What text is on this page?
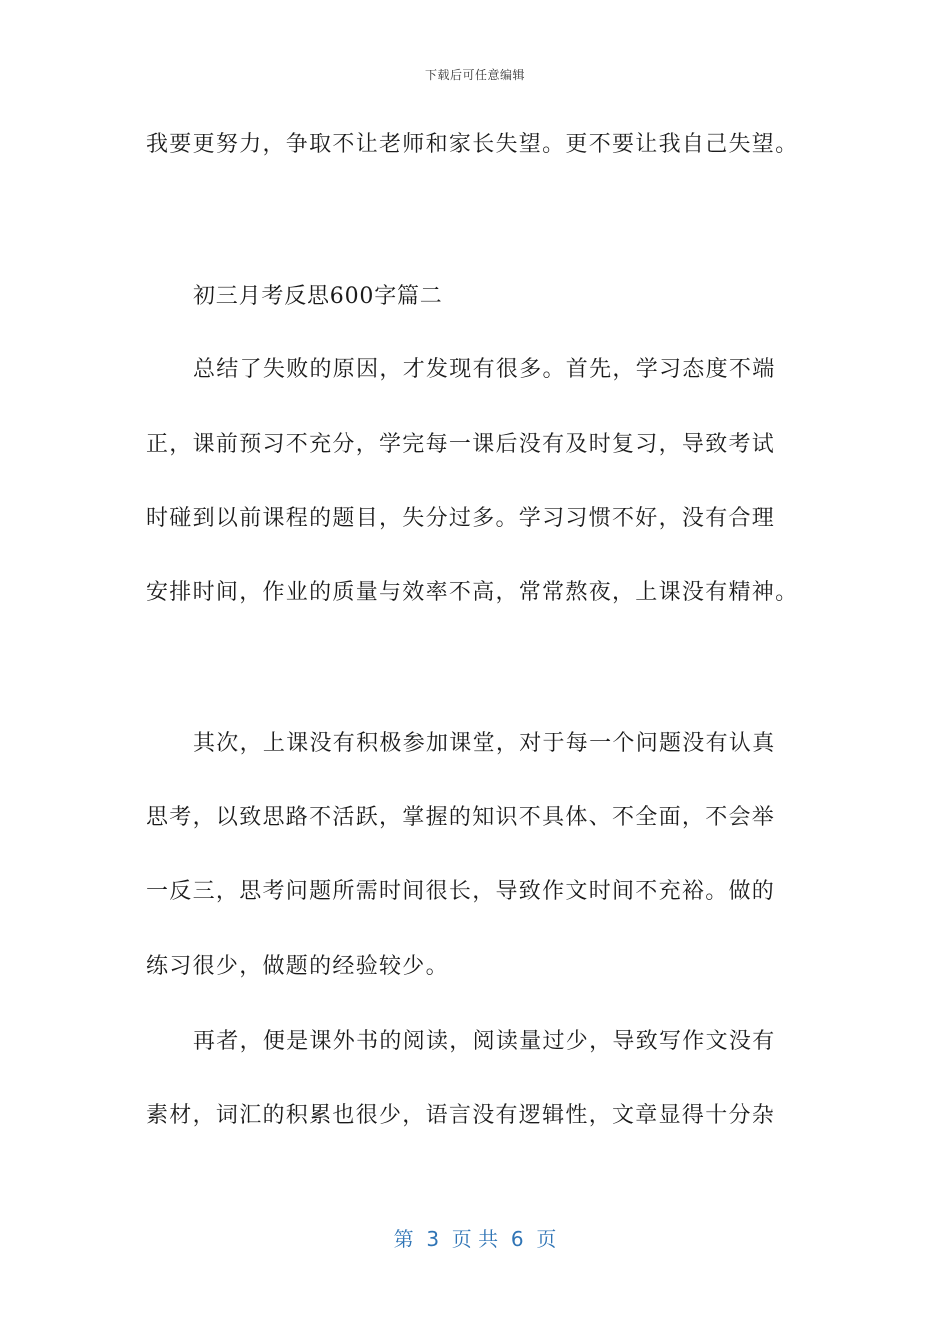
下载后可任意编辑
我要更努力，争取不让老师和家长失望。更不要让我自己失望。
初三月考反思600字篇二
总结了失败的原因，才发现有很多。首先，学习态度不端
正，课前预习不充分，学完每一课后没有及时复习，导致考试
时碰到以前课程的题目，失分过多。学习习惯不好，没有合理
安排时间，作业的质量与效率不高，常常熬夜，上课没有精神。
其次，上课没有积极参加课堂，对于每一个问题没有认真
思考，以致思路不活跃，掌握的知识不具体、不全面，不会举
一反三，思考问题所需时间很长，导致作文时间不充裕。做的
练习很少，做题的经验较少。
再者，便是课外书的阅读，阅读量过少，导致写作文没有
素材，词汇的积累也很少，语言没有逻辑性，文章显得十分杂
第  3  页 共  6  页
